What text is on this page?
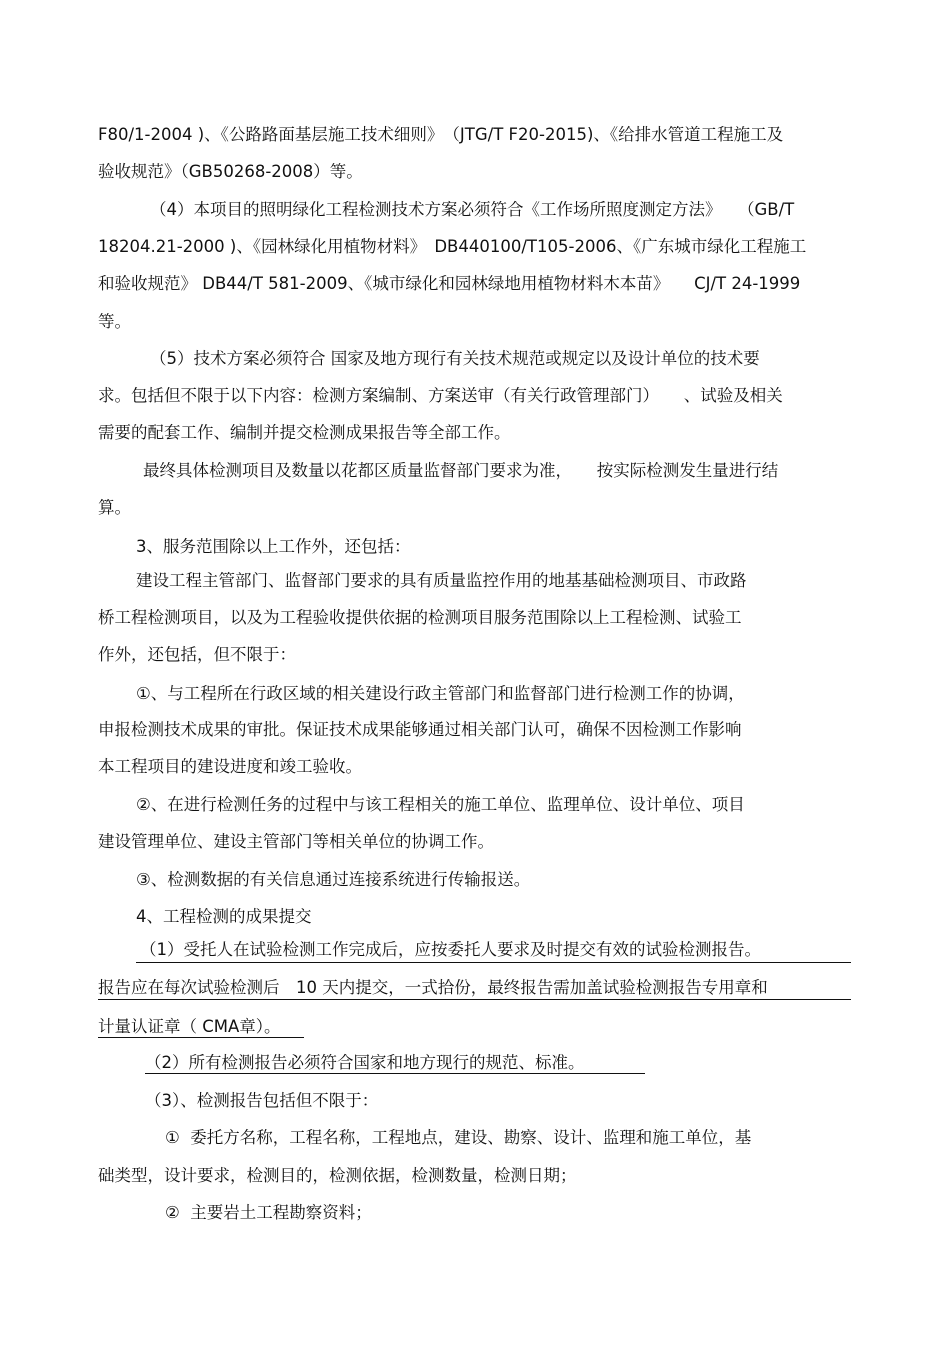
F80/1-2004 )、《公路路面基层施工技术细则》　（JTG/T F20-2015)、《给排水管道工程施工及
验收规范》（GB50268-2008）等。
（4）本项目的照明绿化工程检测技术方案必须符合《工作场所照度测定方法》　　（GB/T
18204.21-2000 )、《园林绿化用植物材料》　DB440100/T105-2006、《广东城市绿化工程施工
和验收规范》 DB44/T 581-2009、《城市绿化和园林绿地用植物材料木本苗》　　CJ/T 24-1999
等。
（5）技术方案必须符合 国家及地方现行有关技术规范或规定以及设计单位的技术要
求。包括但不限于以下内容：检测方案编制、方案送审（有关行政管理部门）　　、试验及相关
需要的配套工作、编制并提交检测成果报告等全部工作。
最终具体检测项目及数量以花都区质量监督部门要求为准，　　按实际检测发生量进行结
算。
3、服务范围除以上工作外，还包括：
建设工程主管部门、监督部门要求的具有质量监控作用的地基基础检测项目、市政路
桥工程检测项目，以及为工程验收提供依据的检测项目服务范围除以上工程检测、试验工
作外，还包括，但不限于：
①、与工程所在行政区域的相关建设行政主管部门和监督部门进行检测工作的协调，
申报检测技术成果的审批。保证技术成果能够通过相关部门认可，确保不因检测工作影响
本工程项目的建设进度和竣工验收。
②、在进行检测任务的过程中与该工程相关的施工单位、监理单位、设计单位、项目
建设管理单位、建设主管部门等相关单位的协调工作。
③、检测数据的有关信息通过连接系统进行传输报送。
4、工程检测的成果提交
（1）受托人在试验检测工作完成后，应按委托人要求及时提交有效的试验检测报告。
报告应在每次试验检测后　10 天内提交，一式拾份，最终报告需加盖试验检测报告专用章和
计量认证章（ CMA章）。
（2）所有检测报告必须符合国家和地方现行的规范、标准。
（3）、检测报告包括但不限于：
①  委托方名称，工程名称，工程地点，建设、勘察、设计、监理和施工单位，基
础类型，设计要求，检测目的，检测依据，检测数量，检测日期；
②  主要岩土工程勘察资料；
